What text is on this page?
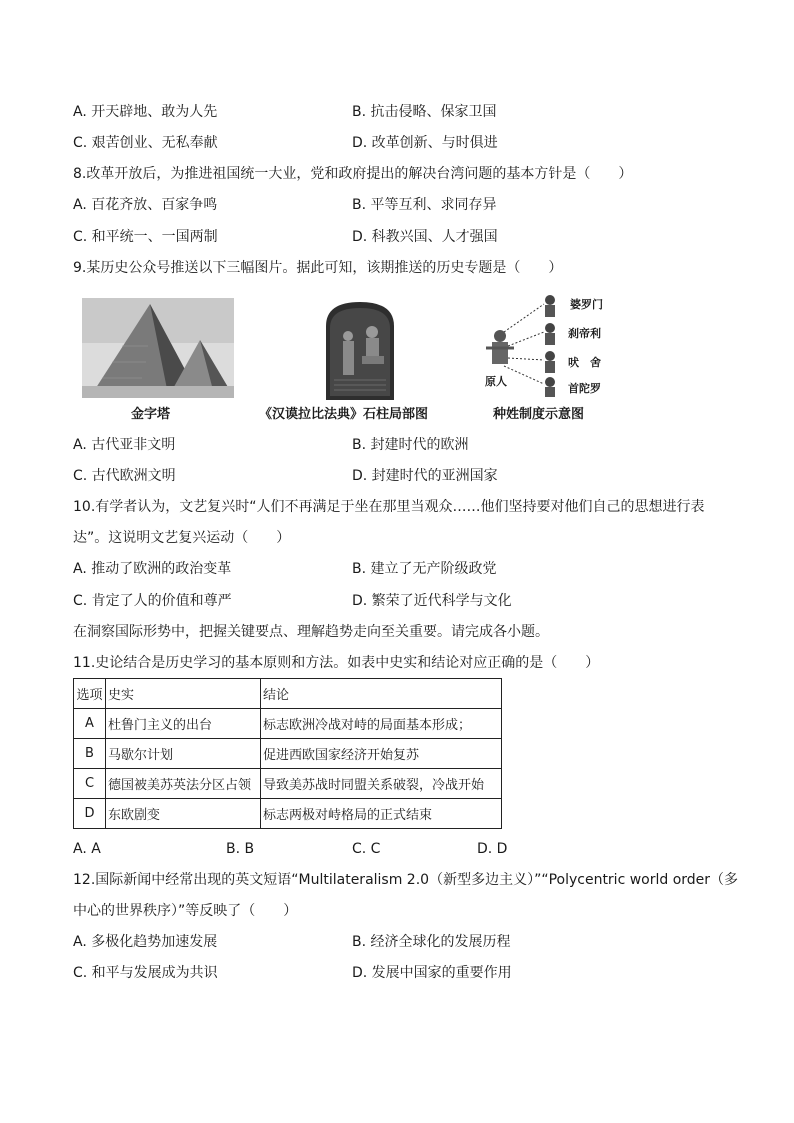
A. 开天辟地、敢为人先	B. 抗击侵略、保家卫国
C. 艰苦创业、无私奉献	D. 改革创新、与时俱进
8.改革开放后，为推进祖国统一大业，党和政府提出的解决台湾问题的基本方针是（　　）
A. 百花齐放、百家争鸣	B. 平等互利、求同存异
C. 和平统一、一国两制	D. 科教兴国、人才强国
9.某历史公众号推送以下三幅图片。据此可知，该期推送的历史专题是（　　）
金字塔	《汉谟拉比法典》石柱局部图
婆罗门
刹帝利
吠　舍
首陀罗
原人
种姓制度示意图
A. 古代亚非文明	B. 封建时代的欧洲
C. 古代欧洲文明	D. 封建时代的亚洲国家
10.有学者认为，文艺复兴时“人们不再满足于坐在那里当观众……他们坚持要对他们自己的思想进行表
达”。这说明文艺复兴运动（　　）
A. 推动了欧洲的政治变革	B. 建立了无产阶级政党
C. 肯定了人的价值和尊严	D. 繁荣了近代科学与文化
在洞察国际形势中，把握关键要点、理解趋势走向至关重要。请完成各小题。
11.史论结合是历史学习的基本原则和方法。如表中史实和结论对应正确的是（　　）
选项	史实	结论
A	杜鲁门主义的出台	标志欧洲冷战对峙的局面基本形成；
B	马歇尔计划	促进西欧国家经济开始复苏
C	德国被美苏英法分区占领	导致美苏战时同盟关系破裂，冷战开始
D	东欧剧变	标志两极对峙格局的正式结束
A. A	B. B	C. C	D. D
12.国际新闻中经常出现的英文短语“Multilateralism 2.0（新型多边主义）”“Polycentric world order（多
中心的世界秩序）”等反映了（　　）
A. 多极化趋势加速发展	B. 经济全球化的发展历程
C. 和平与发展成为共识	D. 发展中国家的重要作用
